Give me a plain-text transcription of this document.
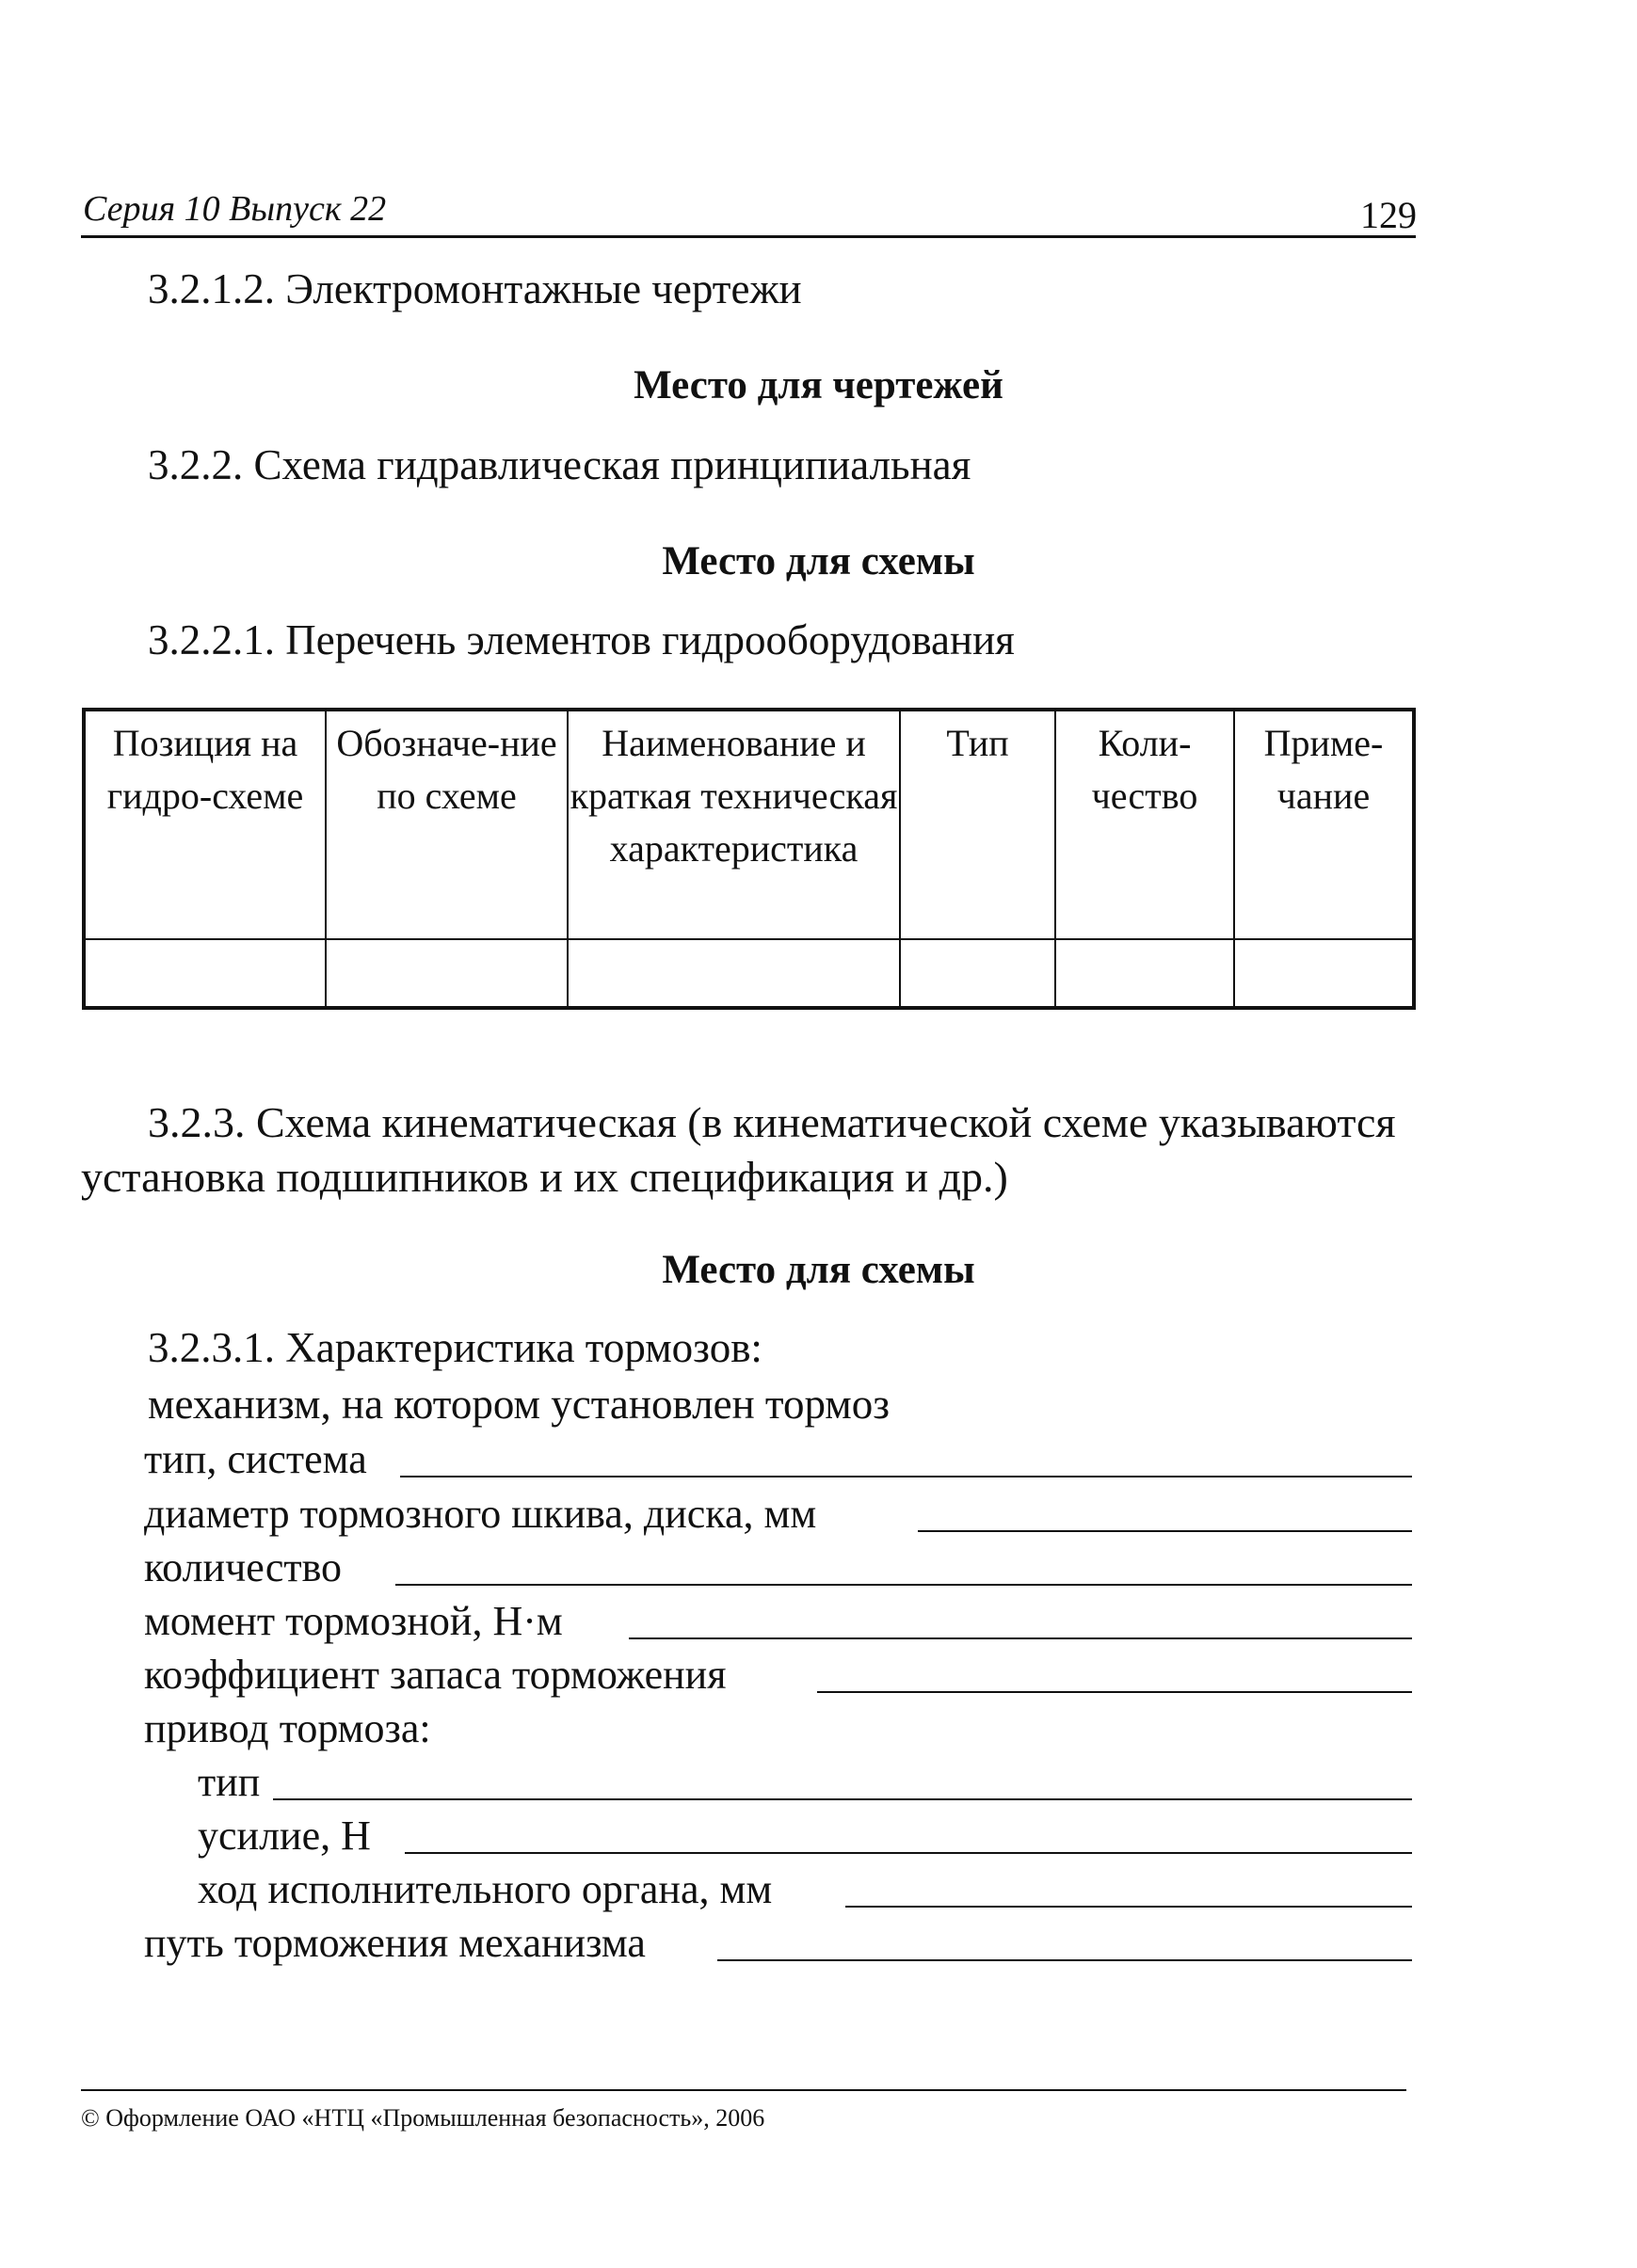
Серия 10 Выпуск 22	129
3.2.1.2. Электромонтажные чертежи
Место для чертежей
3.2.2. Схема гидравлическая принципиальная
Место для схемы
3.2.2.1. Перечень элементов гидрооборудования
Позиция на гидро-схеме	Обозначе-ние по схеме	Наименование и краткая техническая характеристика	Тип	Коли-чество	Приме-чание

3.2.3. Схема кинематическая (в кинематической схеме указываются установка подшипников и их спецификация и др.)
Место для схемы
3.2.3.1. Характеристика тормозов:
механизм, на котором установлен тормоз
тип, система
диаметр тормозного шкива, диска, мм
количество
момент тормозной, Н·м
коэффициент запаса торможения
привод тормоза:
тип
усилие, Н
ход исполнительного органа, мм
путь торможения механизма
© Оформление ОАО «НТЦ «Промышленная безопасность», 2006
